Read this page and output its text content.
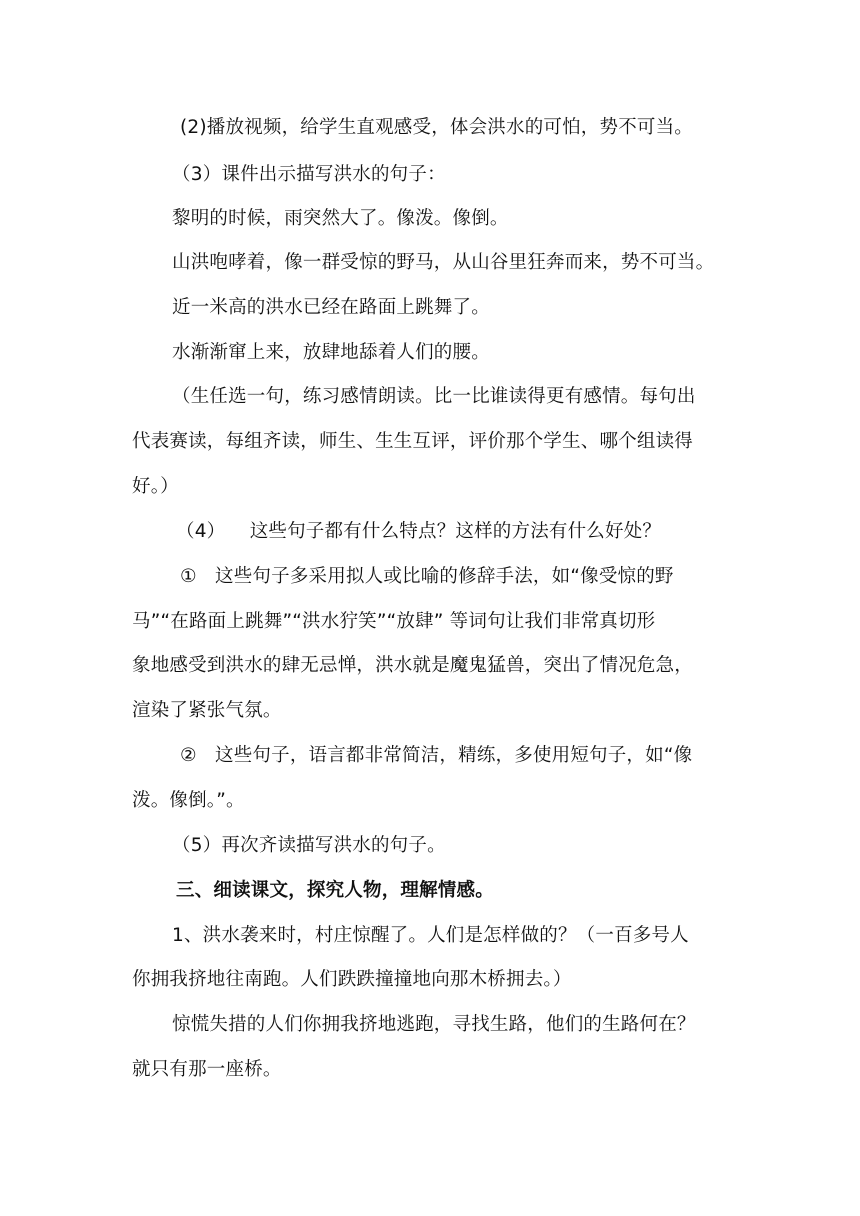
(2)播放视频，给学生直观感受，体会洪水的可怕，势不可当。
（3）课件出示描写洪水的句子：
黎明的时候，雨突然大了。像泼。像倒。
山洪咆哮着，像一群受惊的野马，从山谷里狂奔而来，势不可当。
近一米高的洪水已经在路面上跳舞了。
水渐渐窜上来，放肆地舔着人们的腰。
（生任选一句，练习感情朗读。比一比谁读得更有感情。每句出
代表赛读，每组齐读，师生、生生互评，评价那个学生、哪个组读得
好。）
（4）    这些句子都有什么特点？这样的方法有什么好处？
①   这些句子多采用拟人或比喻的修辞手法，如“像受惊的野
马”“在路面上跳舞”“洪水狞笑”“放肆” 等词句让我们非常真切形
象地感受到洪水的肆无忌惮，洪水就是魔鬼猛兽，突出了情况危急，
渲染了紧张气氛。
②   这些句子，语言都非常简洁，精练，多使用短句子，如“像
泼。像倒。”。
（5）再次齐读描写洪水的句子。
三、细读课文，探究人物，理解情感。
1、洪水袭来时，村庄惊醒了。人们是怎样做的？（一百多号人
你拥我挤地往南跑。人们跌跌撞撞地向那木桥拥去。）
惊慌失措的人们你拥我挤地逃跑，寻找生路，他们的生路何在？
就只有那一座桥。
